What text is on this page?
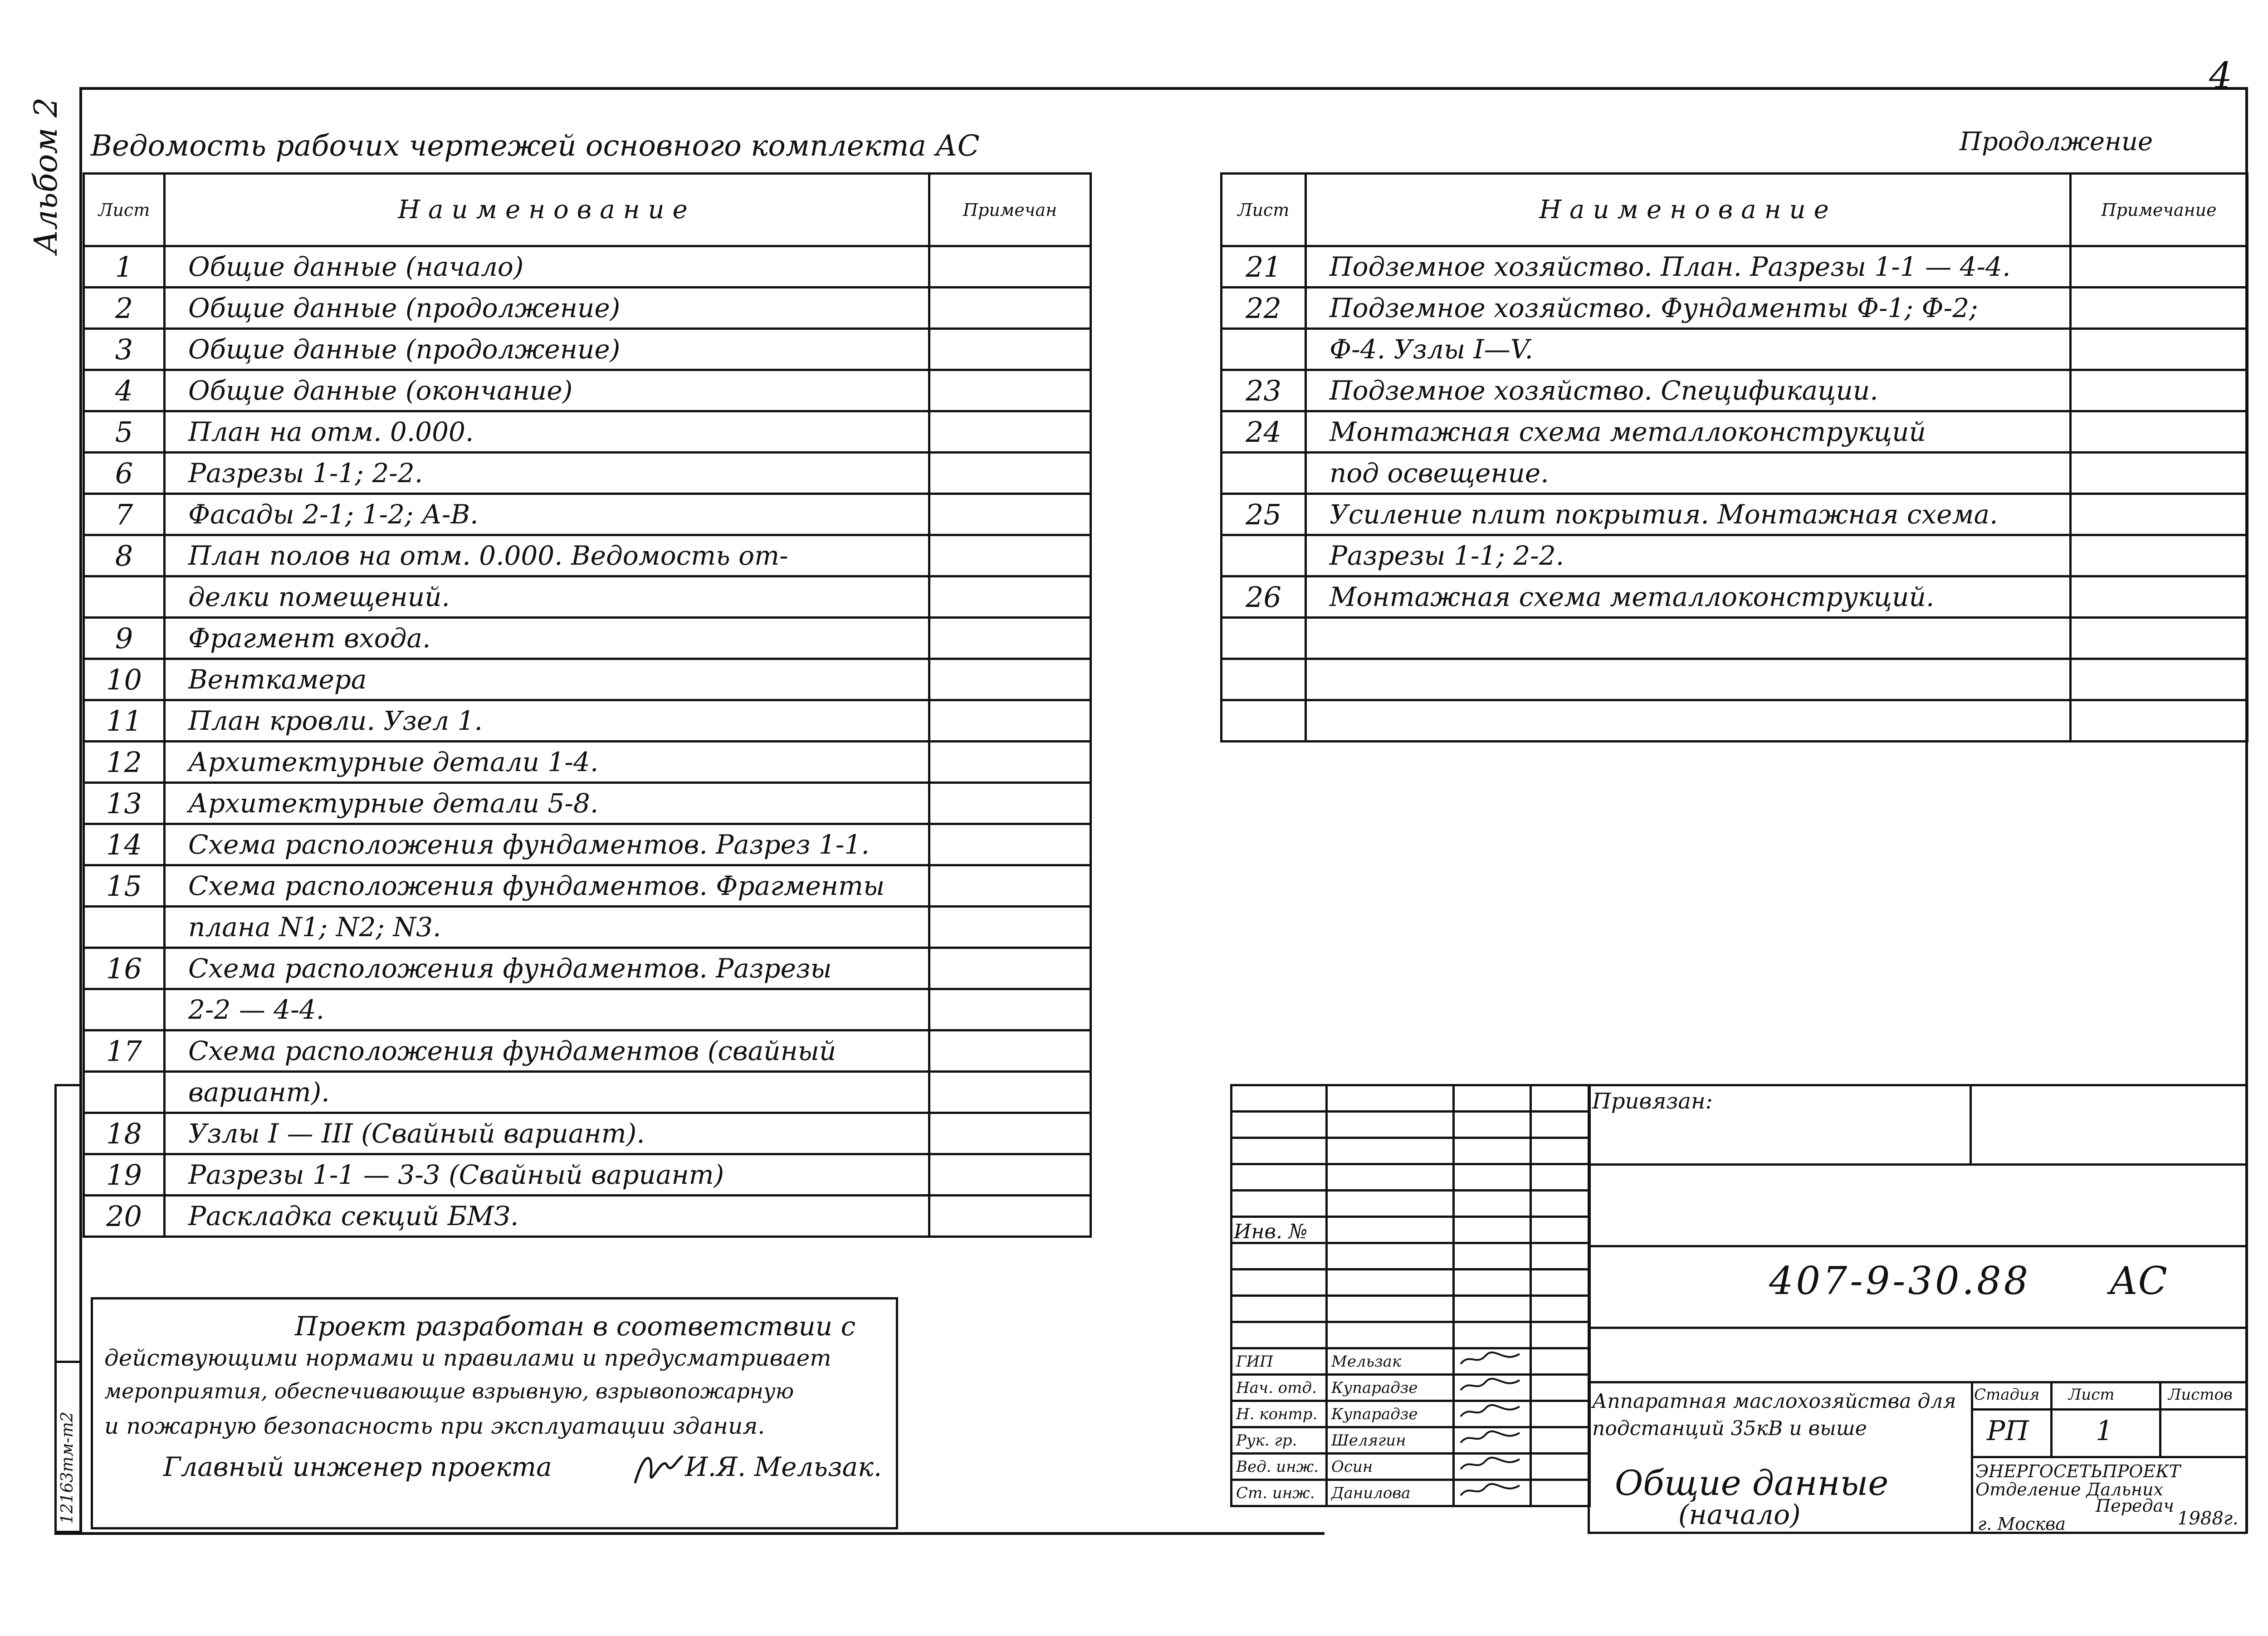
4
Альбом 2 Ведомость рабочих чертежей основного комплекта АС	Продолжение
Лист	Наименование	Примечан
1	Общие данные (начало)	
2	Общие данные (продолжение)	
3	Общие данные (продолжение)	
4	Общие данные (окончание)	
5	План на отм. 0.000.	
6	Разрезы 1-1; 2-2.	
7	Фасады 2-1; 1-2; А-В.	
8	План полов на отм. 0.000. Ведомость от-	
	делки помещений.	
9	Фрагмент входа.	
10	Венткамера	
11	План кровли. Узел 1.	
12	Архитектурные детали 1-4.	
13	Архитектурные детали 5-8.	
14	Схема расположения фундаментов. Разрез 1-1.	
15	Схема расположения фундаментов. Фрагменты	
	плана N1; N2; N3.	
16	Схема расположения фундаментов. Разрезы	
	2-2 — 4-4.	
17	Схема расположения фундаментов (свайный	
	вариант).	
18	Узлы I — III (Свайный вариант).	
19	Разрезы 1-1 — 3-3 (Свайный вариант)	
20	Раскладка секций БМЗ.	
Лист	Наименование	Примечание
21	Подземное хозяйство. План. Разрезы 1-1 — 4-4.	
22	Подземное хозяйство. Фундаменты Ф-1; Ф-2;	
	Ф-4. Узлы I—V.	
23	Подземное хозяйство. Спецификации.	
24	Монтажная схема металлоконструкций	
	под освещение.	
25	Усиление плит покрытия. Монтажная схема.	
	Разрезы 1-1; 2-2.	
26	Монтажная схема металлоконструкций.	

Проект разработан в соответствии с
действующими нормами и правилами и предусматривает
мероприятия, обеспечивающие взрывную, взрывопожарную
и пожарную безопасность при эксплуатации здания.
Главный инженер проекта	И.Я. Мельзак.
12163тм-т2

ГИП	Мельзак		
Нач. отд.	Купарадзе		
Н. контр.	Купарадзе		
Рук. гр.	Шелягин		
Вед. инж.	Осин		
Ст. инж.	Данилова		
Инв. №
Привязан:
407-9-30.88 АС
Аппаратная маслохозяйства для подстанций 35кВ и выше
Стадия Лист	Листов
РП 1
Общие данные
(начало)
ЭНЕРГОСЕТЬПРОЕКТ
Отделение Дальних
Передач
г. Москва	1988г.
